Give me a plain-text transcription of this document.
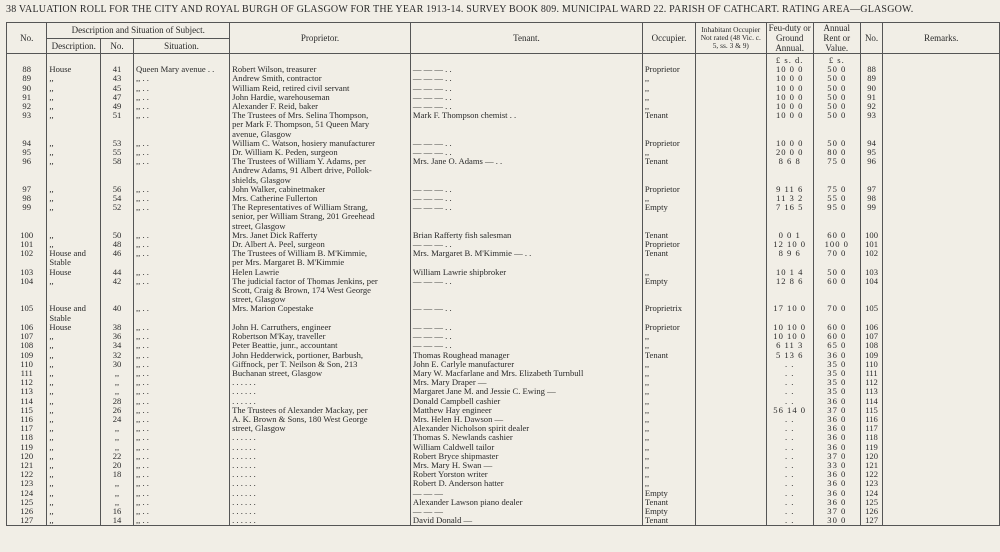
38 VALUATION ROLL FOR THE CITY AND ROYAL BURGH OF GLASGOW FOR THE YEAR 1913-14. SURVEY BOOK 809. MUNICIPAL WARD 22. PARISH OF CATHCART. RATING AREA—GLASGOW.
No.	Description and Situation of Subject.			Proprietor.	Tenant.	Occupier.	Inhabitant Occupier Not rated (48 Vic. c. 5, ss. 3 & 9)	Feu-duty or Ground Annual.	Annual Rent or Value.	No.	Remarks.
	Description.	No.	Situation.								
								£ s. d.	£ s.		
88	House	41	Queen Mary avenue . .	Robert Wilson, treasurer	— — — . .	Proprietor		10 0 0	50 0	88	
89	,,	43	,, . .	Andrew Smith, contractor	— — — . .	,,		10 0 0	50 0	89	
90	,,	45	,, . .	William Reid, retired civil servant	— — — . .	,,		10 0 0	50 0	90	
91	,,	47	,, . .	John Hardie, warehouseman	— — — . .	,,		10 0 0	50 0	91	
92	,,	49	,, . .	Alexander F. Reid, baker	— — — . .	,,		10 0 0	50 0	92	
93	,,	51	,, . .	The Trustees of Mrs. Selina Thompson,	Mark F. Thompson chemist . .	Tenant		10 0 0	50 0	93	
				per Mark F. Thompson, 51 Queen Mary							
				avenue, Glasgow							
94	,,	53	,, . .	William C. Watson, hosiery manufacturer	— — — . .	Proprietor		10 0 0	50 0	94	
95	,,	55	,, . .	Dr. William K. Peden, surgeon	— — — . .	,,		20 0 0	80 0	95	
96	,,	58	,, . .	The Trustees of William Y. Adams, per	Mrs. Jane O. Adams — . .	Tenant		8 6 8	75 0	96	
				Andrew Adams, 91 Albert drive, Pollok-							
				shields, Glasgow							
97	,,	56	,, . .	John Walker, cabinetmaker	— — — . .	Proprietor		9 11 6	75 0	97	
98	,,	54	,, . .	Mrs. Catherine Fullerton	— — — . .	,,		11 3 2	55 0	98	
99	,,	52	,, . .	The Representatives of William Strang,	— — — . .	Empty		7 16 5	95 0	99	
				senior, per William Strang, 201 Greehead							
				street, Glasgow							
100	,,	50	,, . .	Mrs. Janet Dick Rafferty	Brian Rafferty fish salesman	Tenant		0 0 1	60 0	100	
101	,,	48	,, . .	Dr. Albert A. Peel, surgeon	— — — . .	Proprietor		12 10 0	100 0	101	
102	House and	46	,, . .	The Trustees of William B. M'Kimmie,	Mrs. Margaret B. M'Kimmie — . .	Tenant		8 9 6	70 0	102	
	Stable			per Mrs. Margaret B. M'Kimmie							
103	House	44	,, . .	Helen Lawrie	William Lawrie shipbroker	,,		10 1 4	50 0	103	
104	,,	42	,, . .	The judicial factor of Thomas Jenkins, per	— — — . .	Empty		12 8 6	60 0	104	
				Scott, Craig & Brown, 174 West George							
				street, Glasgow							
105	House and	40	,, . .	Mrs. Marion Copestake	— — — . .	Proprietrix		17 10 0	70 0	105	
	Stable										
106	House	38	,, . .	John H. Carruthers, engineer	— — — . .	Proprietor		10 10 0	60 0	106	
107	,,	36	,, . .	Robertson M'Kay, traveller	— — — . .	,,		10 10 0	60 0	107	
108	,,	34	,, . .	Peter Beattie, junr., accountant	— — — . .	,,		6 11 3	65 0	108	
109	,,	32	,, . .	John Hedderwick, portioner, Barbush,	Thomas Roughead manager	Tenant		5 13 6	36 0	109	
110	,,	30	,, . .	Giffnock, per T. Neilson & Son, 213	John E. Carlyle manufacturer	,,		. .	35 0	110	
111	,,	,,	,, . .	Buchanan street, Glasgow	Mary W. Macfarlane and Mrs. Elizabeth Turnbull	,,		. .	35 0	111	
112	,,	,,	,, . .	. . . . . .	Mrs. Mary Draper —	,,		. .	35 0	112	
113	,,	,,	,, . .	. . . . . .	Margaret Jane M. and Jessie C. Ewing —	,,		. .	35 0	113	
114	,,	28	,, . .	. . . . . .	Donald Campbell cashier	,,		. .	36 0	114	
115	,,	26	,, . .	The Trustees of Alexander Mackay, per	Matthew Hay engineer	,,		56 14 0	37 0	115	
116	,,	24	,, . .	A. K. Brown & Sons, 180 West George	Mrs. Helen H. Dawson —	,,		. .	36 0	116	
117	,,	,,	,, . .	street, Glasgow	Alexander Nicholson spirit dealer	,,		. .	36 0	117	
118	,,	,,	,, . .	. . . . . .	Thomas S. Newlands cashier	,,		. .	36 0	118	
119	,,	,,	,, . .	. . . . . .	William Caldwell tailor	,,		. .	36 0	119	
120	,,	22	,, . .	. . . . . .	Robert Bryce shipmaster	,,		. .	37 0	120	
121	,,	20	,, . .	. . . . . .	Mrs. Mary H. Swan —	,,		. .	33 0	121	
122	,,	18	,, . .	. . . . . .	Robert Yorston writer	,,		. .	36 0	122	
123	,,	,,	,, . .	. . . . . .	Robert D. Anderson hatter	,,		. .	36 0	123	
124	,,	,,	,, . .	. . . . . .	— — —	Empty		. .	36 0	124	
125	,,	,,	,, . .	. . . . . .	Alexander Lawson piano dealer	Tenant		. .	36 0	125	
126	,,	16	,, . .	. . . . . .	— — —	Empty		. .	37 0	126	
127	,,	14	,, . .	. . . . . .	David Donald —	Tenant		. .	30 0	127	
